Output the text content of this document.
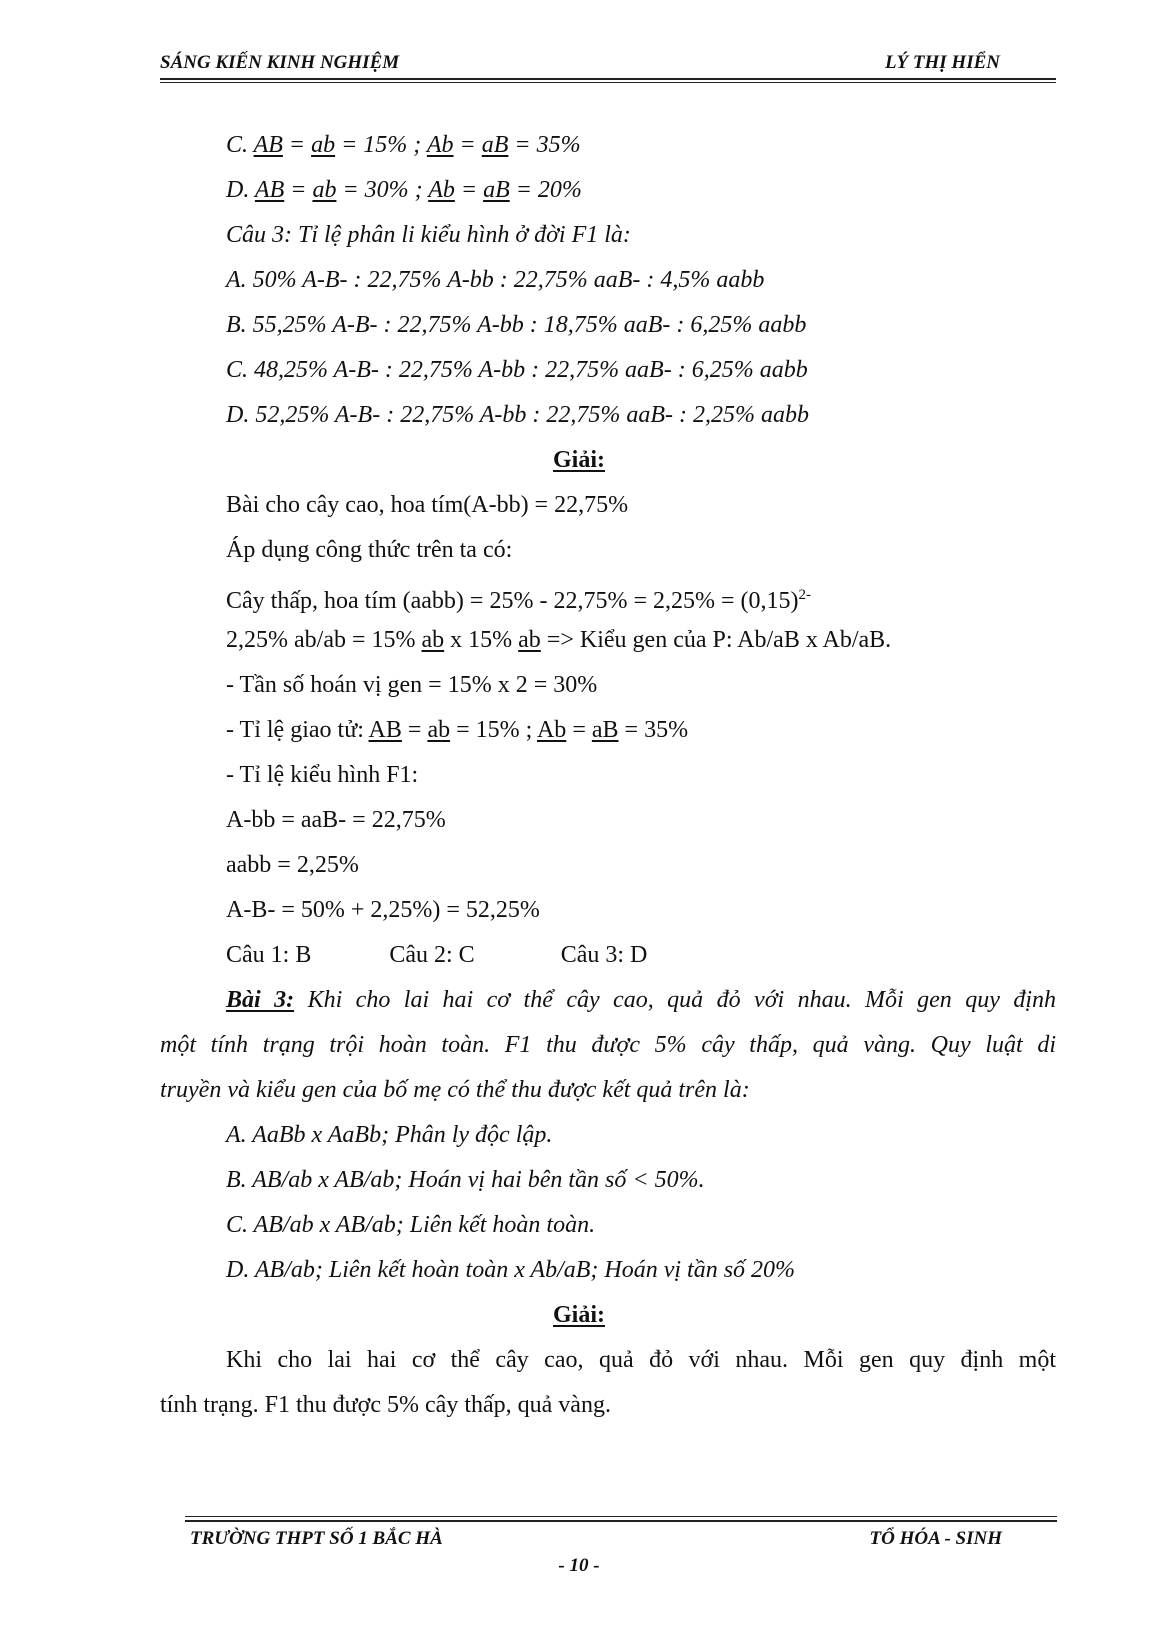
SÁNG KIẾN KINH NGHIỆM	LÝ THỊ HIỂN
C. AB = ab = 15% ; Ab = aB = 35%
D. AB = ab = 30% ; Ab = aB = 20%
Câu 3: Tỉ lệ phân li kiểu hình ở đời F1 là:
A. 50% A-B- : 22,75% A-bb : 22,75% aaB- : 4,5% aabb
B. 55,25% A-B- : 22,75% A-bb : 18,75% aaB- : 6,25% aabb
C. 48,25% A-B- : 22,75% A-bb : 22,75% aaB- : 6,25% aabb
D. 52,25% A-B- : 22,75% A-bb : 22,75% aaB- : 2,25% aabb
Giải:
Bài cho cây cao, hoa tím(A-bb) = 22,75%
Áp dụng công thức trên ta có:
Cây thấp, hoa tím (aabb) = $25\% - 22,75\% = 2,25\% = (0,15)^{2-}$
2,25% ab/ab = 15% ab x 15% ab => Kiểu gen của P: Ab/aB x Ab/aB.
- Tần số hoán vị gen = 15% x 2 = 30%
- Tỉ lệ giao tử: AB = ab = 15% ; Ab = aB = 35%
- Tỉ lệ kiểu hình F1:
A-bb = aaB- = 22,75%
aabb = 2,25%
A-B- = 50% + 2,25%) = 52,25%
Câu 1: B	Câu 2: C	Câu 3: D
Bài 3: Khi cho lai hai cơ thể cây cao, quả đỏ với nhau. Mỗi gen quy định
một tính trạng trội hoàn toàn. F1 thu được 5% cây thấp, quả vàng. Quy luật di
truyền và kiểu gen của bố mẹ có thể thu được kết quả trên là:
A. AaBb x AaBb; Phân ly độc lập.
B. AB/ab x AB/ab; Hoán vị hai bên tần số < 50%.
C. AB/ab x AB/ab; Liên kết hoàn toàn.
D. AB/ab; Liên kết hoàn toàn x Ab/aB; Hoán vị tần số 20%
Giải:
Khi cho lai hai cơ thể cây cao, quả đỏ với nhau. Mỗi gen quy định một
tính trạng. F1 thu được 5% cây thấp, quả vàng.
TRƯỜNG THPT SỐ 1 BẮC HÀ	TỔ HÓA - SINH
- 10 -
